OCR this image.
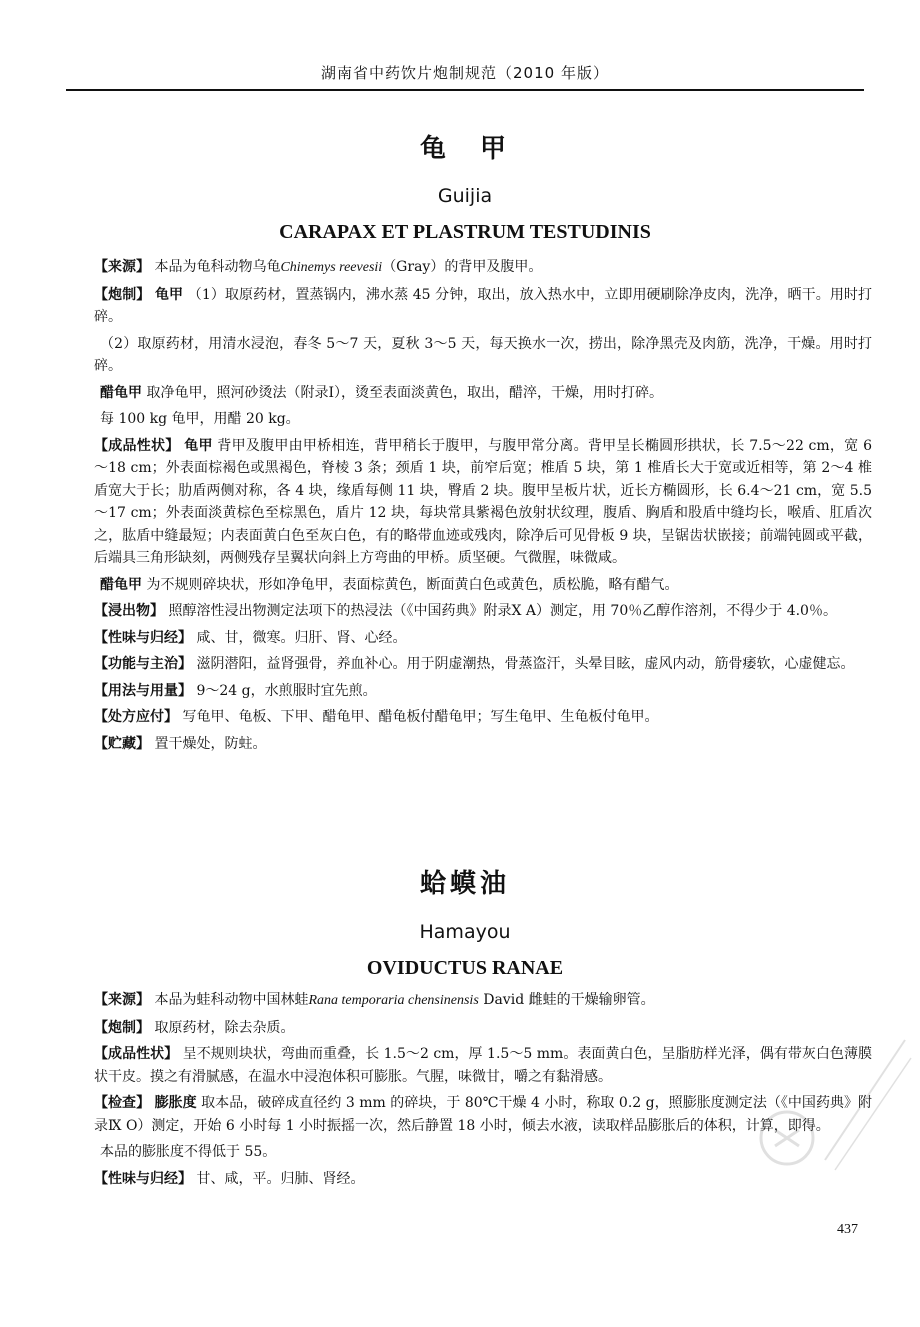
湖南省中药饮片炮制规范（2010 年版）
龟　甲
Guijia
CARAPAX ET PLASTRUM TESTUDINIS

【来源】 本品为龟科动物乌龟Chinemys reevesii（Gray）的背甲及腹甲。

【炮制】 龟甲 （1）取原药材，置蒸锅内，沸水蒸 45 分钟，取出，放入热水中，立即用硬刷除净皮肉，洗净，晒干。用时打碎。

（2）取原药材，用清水浸泡，春冬 5～7 天，夏秋 3～5 天，每天换水一次，捞出，除净黑壳及肉筋，洗净，干燥。用时打碎。

醋龟甲 取净龟甲，照河砂烫法（附录Ⅰ），烫至表面淡黄色，取出，醋淬，干燥，用时打碎。

每 100 kg 龟甲，用醋 20 kg。

【成品性状】 龟甲 背甲及腹甲由甲桥相连，背甲稍长于腹甲，与腹甲常分离。背甲呈长椭圆形拱状，长 7.5～22 cm，宽 6～18 cm；外表面棕褐色或黑褐色，脊棱 3 条；颈盾 1 块，前窄后宽；椎盾 5 块，第 1 椎盾长大于宽或近相等，第 2～4 椎盾宽大于长；肋盾两侧对称，各 4 块，缘盾每侧 11 块，臀盾 2 块。腹甲呈板片状，近长方椭圆形，长 6.4～21 cm，宽 5.5～17 cm；外表面淡黄棕色至棕黑色，盾片 12 块，每块常具紫褐色放射状纹理，腹盾、胸盾和股盾中缝均长，喉盾、肛盾次之，肱盾中缝最短；内表面黄白色至灰白色，有的略带血迹或残肉，除净后可见骨板 9 块，呈锯齿状嵌接；前端钝圆或平截，后端具三角形缺刻，两侧残存呈翼状向斜上方弯曲的甲桥。质坚硬。气微腥，味微咸。

醋龟甲 为不规则碎块状，形如净龟甲，表面棕黄色，断面黄白色或黄色，质松脆，略有醋气。

【浸出物】 照醇溶性浸出物测定法项下的热浸法（《中国药典》附录Ⅹ A）测定，用 70％乙醇作溶剂，不得少于 4.0％。

【性味与归经】 咸、甘，微寒。归肝、肾、心经。

【功能与主治】 滋阴潜阳，益肾强骨，养血补心。用于阴虚潮热，骨蒸盗汗，头晕目眩，虚风内动，筋骨痿软，心虚健忘。

【用法与用量】 9～24 g，水煎服时宜先煎。

【处方应付】 写龟甲、龟板、下甲、醋龟甲、醋龟板付醋龟甲；写生龟甲、生龟板付龟甲。

【贮藏】 置干燥处，防蛀。

蛤蟆油
Hamayou
OVIDUCTUS RANAE

【来源】 本品为蛙科动物中国林蛙Rana temporaria chensinensis David 雌蛙的干燥输卵管。

【炮制】 取原药材，除去杂质。

【成品性状】 呈不规则块状，弯曲而重叠，长 1.5～2 cm，厚 1.5～5 mm。表面黄白色，呈脂肪样光泽，偶有带灰白色薄膜状干皮。摸之有滑腻感，在温水中浸泡体积可膨胀。气腥，味微甘，嚼之有黏滑感。

【检查】 膨胀度 取本品，破碎成直径约 3 mm 的碎块，于 80℃干燥 4 小时，称取 0.2 g，照膨胀度测定法（《中国药典》附录Ⅸ O）测定，开始 6 小时每 1 小时振摇一次，然后静置 18 小时，倾去水液，读取样品膨胀后的体积，计算，即得。

本品的膨胀度不得低于 55。

【性味与归经】 甘、咸，平。归肺、肾经。

437
